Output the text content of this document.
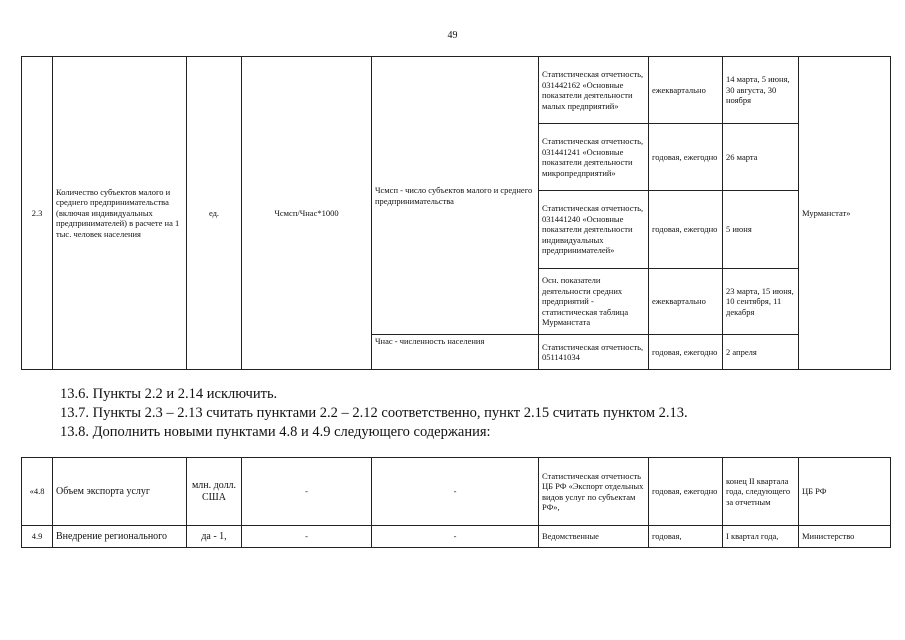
49
2.3	Количество субъектов малого и среднего предпринимательства (включая индивидуальных предпринимателей) в расчете на 1 тыс. человек населения	ед.	Чсмсп/Чнас*1000	Чсмсп - число субъектов малого и среднего предпринимательства	Статистическая отчетность, 031442162 «Основные показатели деятельности малых предприятий»	ежеквартально	14 марта, 5 июня, 30 августа, 30 ноября	Мурманстат»
					Статистическая отчетность, 031441241 «Основные показатели деятельности микропредприятий»	годовая, ежегодно	26 марта	
					Статистическая отчетность, 031441240 «Основные показатели деятельности индивидуальных предпринимателей»	годовая, ежегодно	5 июня	
					Осн. показатели деятельности средних предприятий - статистическая таблица Мурманстата	ежеквартально	23 марта, 15 июня, 10 сентября, 11 декабря	
				Чнас - численность населения	Статистическая отчетность, 051141034	годовая, ежегодно	2 апреля	
13.6. Пункты 2.2 и 2.14 исключить.
13.7. Пункты 2.3 – 2.13 считать пунктами 2.2 – 2.12 соответственно, пункт 2.15 считать пунктом 2.13.
13.8. Дополнить новыми пунктами 4.8 и 4.9 следующего содержания:
«4.8	Объем экспорта услуг	млн. долл. США	-	-	Статистическая отчетность ЦБ РФ «Экспорт отдельных видов услуг по субъектам РФ»,	годовая, ежегодно	конец II квартала года, следующего за отчетным	ЦБ РФ
4.9	Внедрение регионального	да - 1,	-	-	Ведомственные	годовая,	I квартал года,	Министерство
